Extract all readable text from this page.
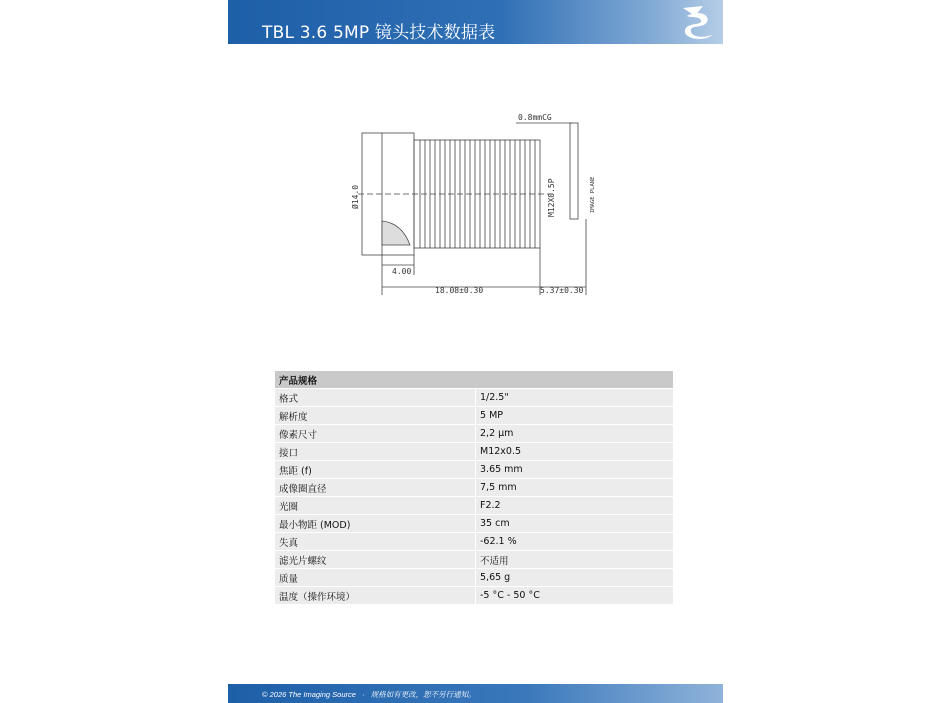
TBL 3.6 5MP 镜头技术数据表
0.8mmCG
4.00
18.08±0.30	5.37±0.30
Ø14.0	M12X0.5P	IMAGE PLANE
产品规格	
格式	1/2.5"
解析度	5 MP
像素尺寸	2,2 µm
接口	M12x0.5
焦距 (f)	3.65 mm
成像圈直径	7,5 mm
光圈	F2.2
最小物距 (MOD)	35 cm
失真	-62.1 %
滤光片螺纹	不适用
质量	5,65 g
温度（操作环境）	-5 °C - 50 °C
© 2026 The Imaging Source · 规格如有更改，恕不另行通知。
